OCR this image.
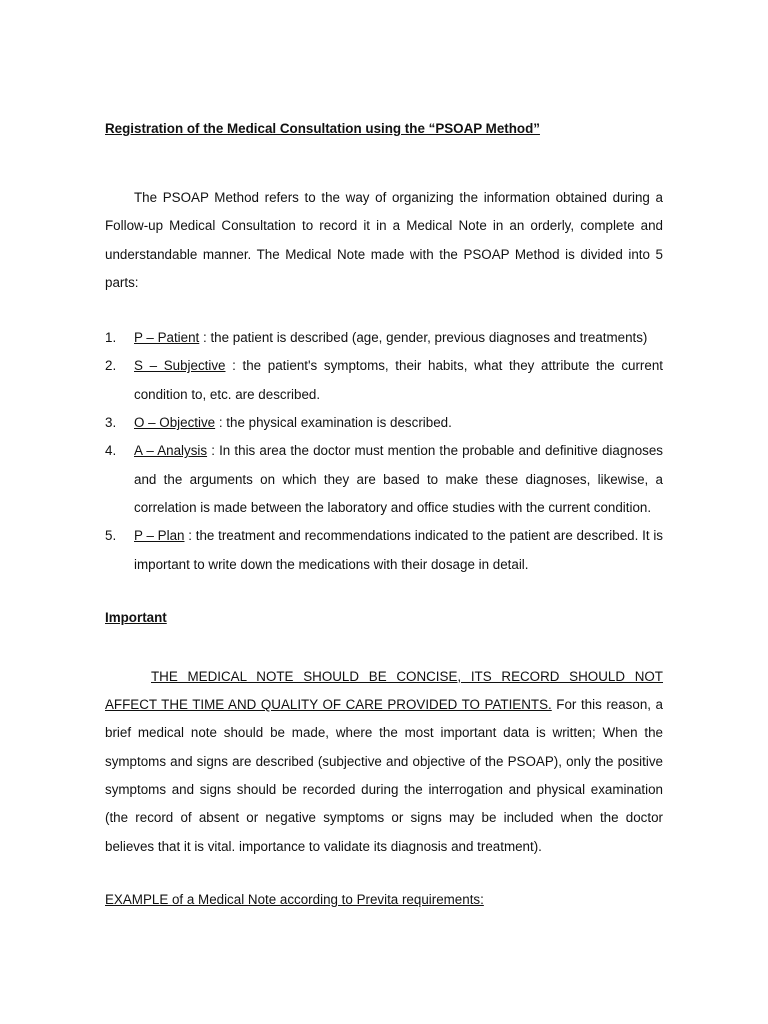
Registration of the Medical Consultation using the “PSOAP Method”

The PSOAP Method refers to the way of organizing the information obtained during a Follow-up Medical Consultation to record it in a Medical Note in an orderly, complete and understandable manner. The Medical Note made with the PSOAP Method is divided into 5 parts:

1. P – Patient : the patient is described (age, gender, previous diagnoses and treatments)
2. S – Subjective : the patient's symptoms, their habits, what they attribute the current condition to, etc. are described.
3. O – Objective : the physical examination is described.
4. A – Analysis : In this area the doctor must mention the probable and definitive diagnoses and the arguments on which they are based to make these diagnoses, likewise, a correlation is made between the laboratory and office studies with the current condition.
5. P – Plan : the treatment and recommendations indicated to the patient are described. It is important to write down the medications with their dosage in detail.

Important

THE MEDICAL NOTE SHOULD BE CONCISE, ITS RECORD SHOULD NOT AFFECT THE TIME AND QUALITY OF CARE PROVIDED TO PATIENTS. For this reason, a brief medical note should be made, where the most important data is written; When the symptoms and signs are described (subjective and objective of the PSOAP), only the positive symptoms and signs should be recorded during the interrogation and physical examination (the record of absent or negative symptoms or signs may be included when the doctor believes that it is vital. importance to validate its diagnosis and treatment).

EXAMPLE of a Medical Note according to Previta requirements:
